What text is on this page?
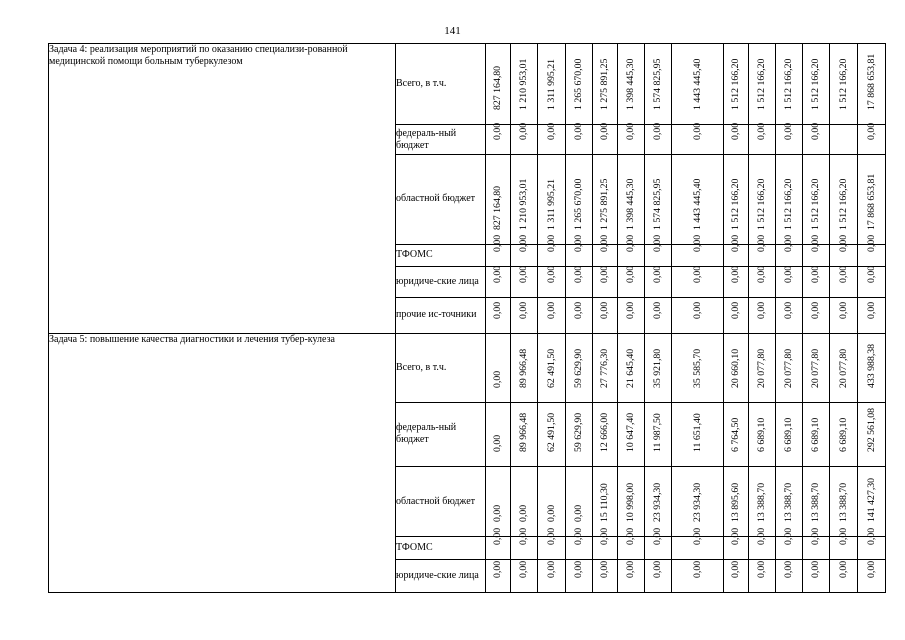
141
Задача 4: реализация мероприятий по оказанию специализи-рованной медицинской помощи больным туберкулезом	Всего, в т.ч.	827 164,80	1 210 953,01	1 311 995,21	1 265 670,00	1 275 891,25	1 398 445,30	1 574 825,95	1 443 445,40	1 512 166,20	1 512 166,20	1 512 166,20	1 512 166,20	1 512 166,20	17 868 653,81

	федераль-ный бюджет	0,00	0,00	0,00	0,00	0,00	0,00	0,00	0,00	0,00	0,00	0,00	0,00		0,00

	областной бюджет	827 164,80	1 210 953,01	1 311 995,21	1 265 670,00	1 275 891,25	1 398 445,30	1 574 825,95	1 443 445,40	1 512 166,20	1 512 166,20	1 512 166,20	1 512 166,20	1 512 166,20	17 868 653,81

	ТФОМС	0,00	0,00	0,00	0,00	0,00	0,00	0,00	0,00	0,00	0,00	0,00	0,00	0,00	0,00

	юридиче-ские лица	0,00	0,00	0,00	0,00	0,00	0,00	0,00	0,00	0,00	0,00	0,00	0,00	0,00	0,00

	прочие ис-точники	0,00	0,00	0,00	0,00	0,00	0,00	0,00	0,00	0,00	0,00	0,00	0,00	0,00	0,00

Задача 5: повышение качества диагностики и лечения тубер-кулеза	Всего, в т.ч.	0,00	89 966,48	62 491,50	59 629,90	27 776,30	21 645,40	35 921,80	35 585,70	20 660,10	20 077,80	20 077,80	20 077,80	20 077,80	433 988,38

	федераль-ный бюджет	0,00	89 966,48	62 491,50	59 629,90	12 666,00	10 647,40	11 987,50	11 651,40	6 764,50	6 689,10	6 689,10	6 689,10	6 689,10	292 561,08

	областной бюджет	0,00	0,00	0,00	0,00	15 110,30	10 998,00	23 934,30	23 934,30	13 895,60	13 388,70	13 388,70	13 388,70	13 388,70	141 427,30

	ТФОМС	0,00	0,00	0,00	0,00	0,00	0,00	0,00	0,00	0,00	0,00	0,00	0,00	0,00	0,00

	юридиче-ские лица	0,00	0,00	0,00	0,00	0,00	0,00	0,00	0,00	0,00	0,00	0,00	0,00	0,00	0,00
